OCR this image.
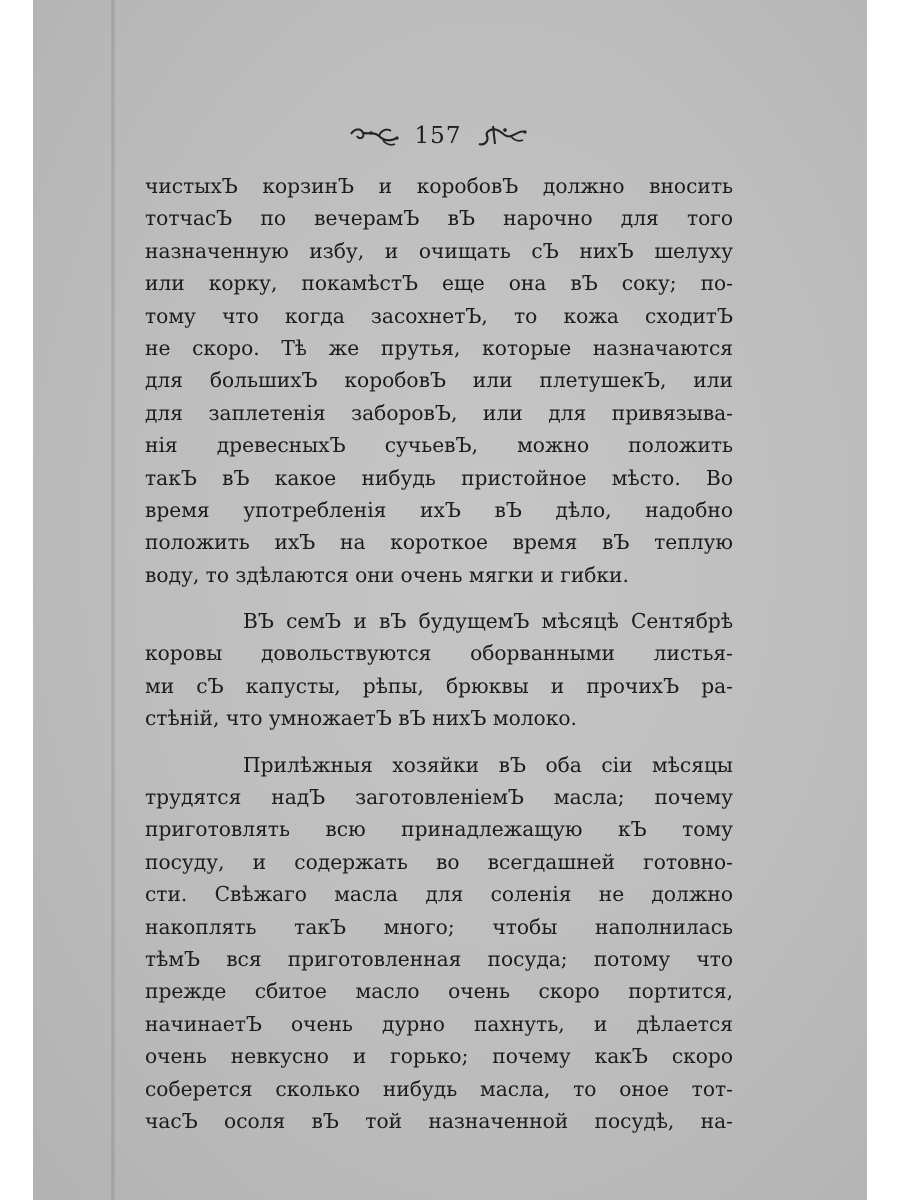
157
чистыхЪ корзинЪ и коробовЪ должно вносить
тотчасЪ по вечерамЪ вЪ нарочно для того
назначенную избу, и очищать сЪ нихЪ шелуху
или корку, покамѣстЪ еще она вЪ соку; по-
тому что когда засохнетЪ, то кожа сходитЪ
не скоро. Тѣ же прутья, которые назначаются
для большихЪ коробовЪ или плетушекЪ, или
для заплетенія заборовЪ, или для привязыва-
нія древесныхЪ сучьевЪ, можно положить
такЪ вЪ какое нибудь пристойное мѣсто. Во
время употребленія ихЪ вЪ дѣло, надобно
положить ихЪ на короткое время вЪ теплую
воду, то здѣлаются они очень мягки и гибки.
ВЪ семЪ и вЪ будущемЪ мѣсяцѣ Сентябрѣ
коровы довольствуются оборванными листья-
ми сЪ капусты, рѣпы, брюквы и прочихЪ ра-
стѣній, что умножаетЪ вЪ нихЪ молоко.
Прилѣжныя хозяйки вЪ оба сіи мѣсяцы
трудятся надЪ заготовленіемЪ масла; почему
приготовлять всю принадлежащую кЪ тому
посуду, и содержать во всегдашней готовно-
сти. Свѣжаго масла для соленія не должно
накоплять такЪ много; чтобы наполнилась
тѣмЪ вся приготовленная посуда; потому что
прежде сбитое масло очень скоро портится,
начинаетЪ очень дурно пахнуть, и дѣлается
очень невкусно и горько; почему какЪ скоро
соберется сколько нибудь масла, то оное тот-
часЪ осоля вЪ той назначенной посудѣ, на-
